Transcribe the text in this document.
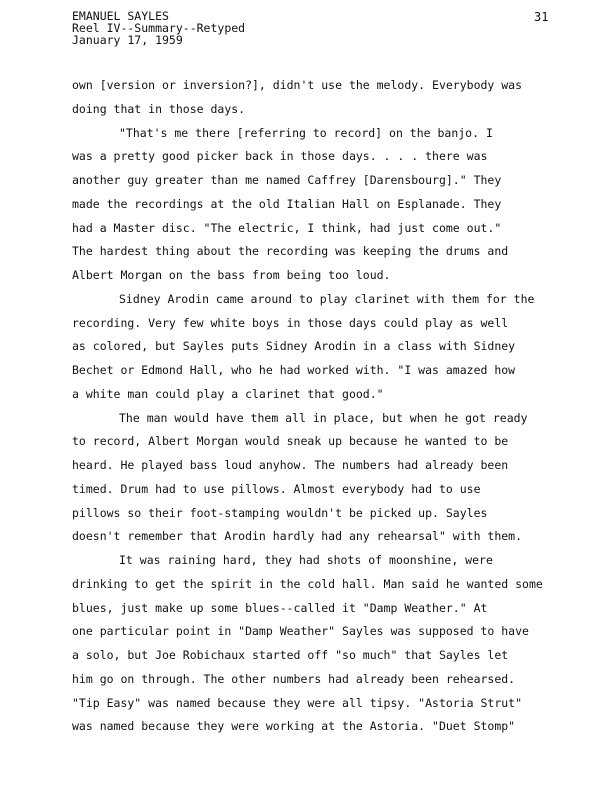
EMANUEL SAYLES
Reel IV--Summary--Retyped
January 17, 1959
31
own [version or inversion?], didn't use the melody. Everybody was
doing that in those days.
"That's me there [referring to record] on the banjo. I
was a pretty good picker back in those days. . . . there was
another guy greater than me named Caffrey [Darensbourg]." They
made the recordings at the old Italian Hall on Esplanade. They
had a Master disc. "The electric, I think, had just come out."
The hardest thing about the recording was keeping the drums and
Albert Morgan on the bass from being too loud.
Sidney Arodin came around to play clarinet with them for the
recording. Very few white boys in those days could play as well
as colored, but Sayles puts Sidney Arodin in a class with Sidney
Bechet or Edmond Hall, who he had worked with. "I was amazed how
a white man could play a clarinet that good."
The man would have them all in place, but when he got ready
to record, Albert Morgan would sneak up because he wanted to be
heard. He played bass loud anyhow. The numbers had already been
timed. Drum had to use pillows. Almost everybody had to use
pillows so their foot-stamping wouldn't be picked up. Sayles
doesn't remember that Arodin hardly had any rehearsal" with them.
It was raining hard, they had shots of moonshine, were
drinking to get the spirit in the cold hall. Man said he wanted some
blues, just make up some blues--called it "Damp Weather." At
one particular point in "Damp Weather" Sayles was supposed to have
a solo, but Joe Robichaux started off "so much" that Sayles let
him go on through. The other numbers had already been rehearsed.
"Tip Easy" was named because they were all tipsy. "Astoria Strut"
was named because they were working at the Astoria. "Duet Stomp"
